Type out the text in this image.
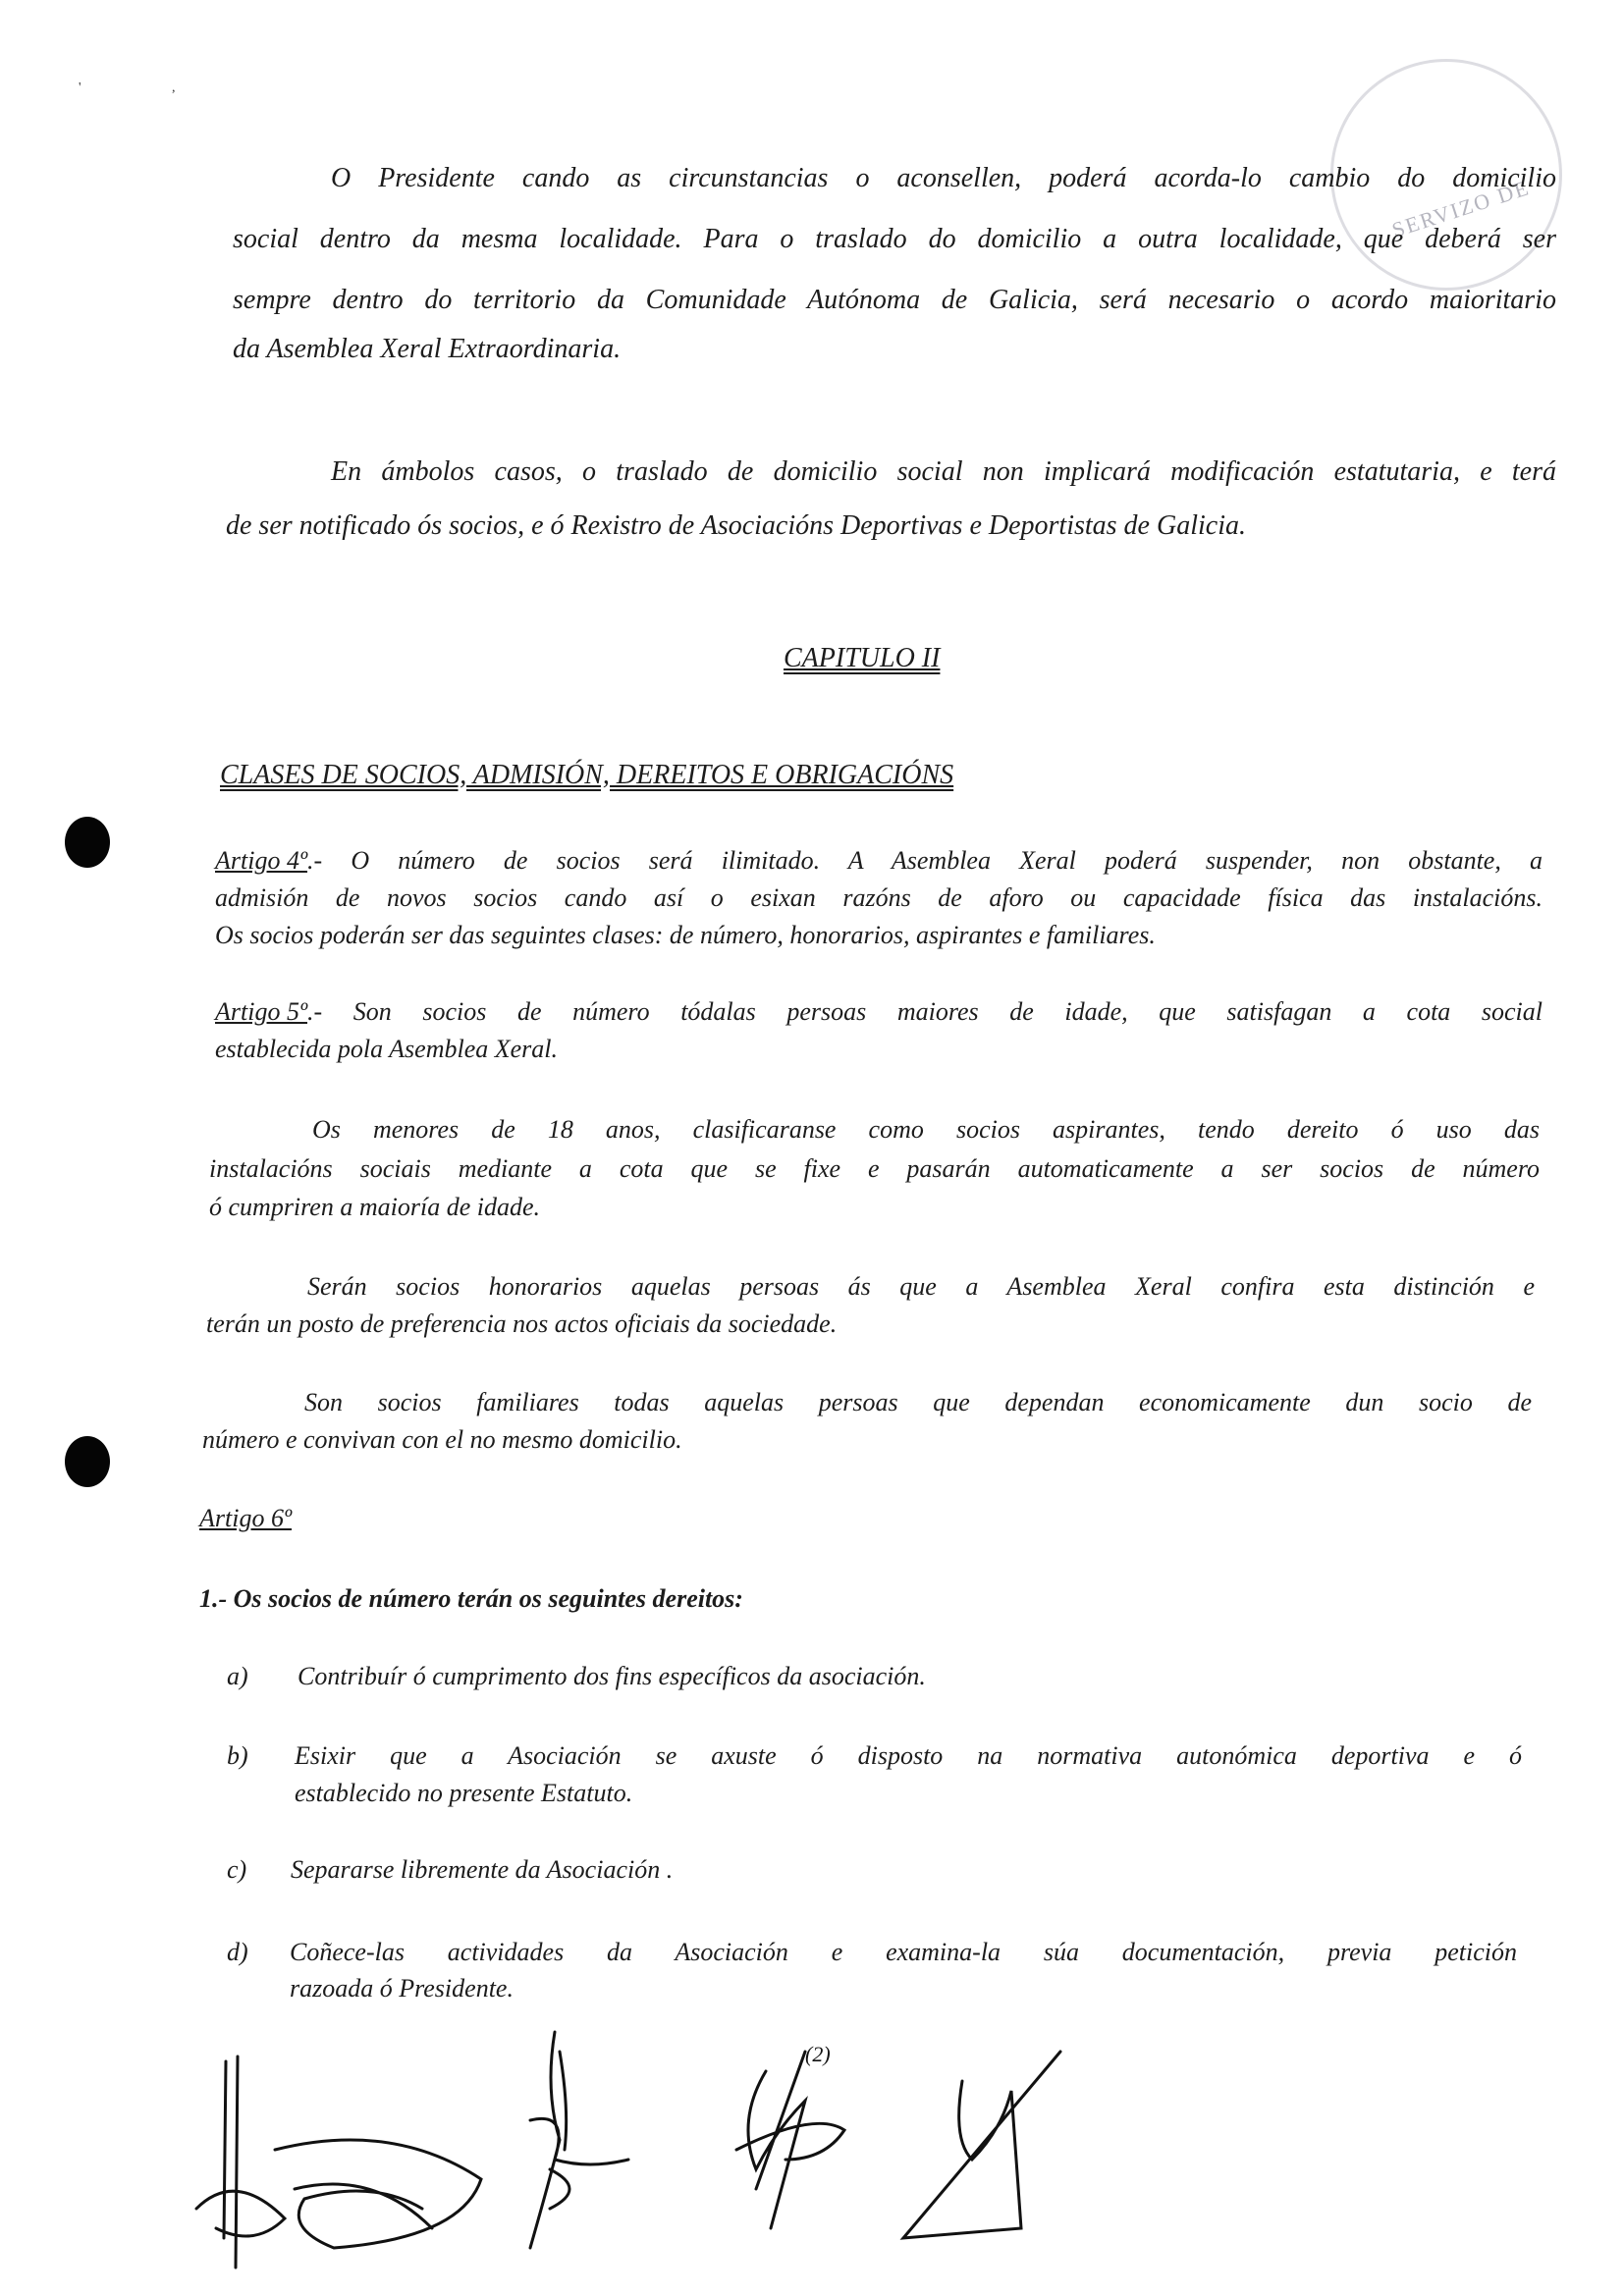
'	,
SERVIZO DE
O Presidente cando as circunstancias o aconsellen, poderá acorda-lo cambio do domicilio
social dentro da mesma localidade. Para o traslado do domicilio a outra localidade, que deberá ser
sempre dentro do territorio da Comunidade Autónoma de Galicia, será necesario o acordo maioritario
da Asemblea Xeral Extraordinaria.
En ámbolos casos, o traslado de domicilio social non implicará modificación estatutaria, e terá
de ser notificado ós socios, e ó Rexistro de Asociacións Deportivas e Deportistas de Galicia.
CAPITULO II
CLASES DE SOCIOS, ADMISIÓN, DEREITOS E OBRIGACIÓNS
Artigo 4º .- O número de socios será ilimitado. A Asemblea Xeral poderá suspender, non obstante, a
admisión de novos socios cando así o esixan razóns de aforo ou capacidade física das instalacións.
Os socios poderán ser das seguintes clases: de número, honorarios, aspirantes e familiares.
Artigo 5º .- Son socios de número tódalas persoas maiores de idade, que satisfagan a cota social
establecida pola Asemblea Xeral.
Os menores de 18 anos, clasificaranse como socios aspirantes, tendo dereito ó uso das
instalacións sociais mediante a cota que se fixe e pasarán automaticamente a ser socios de número
ó cumpriren a maioría de idade.
Serán socios honorarios aquelas persoas ás que a Asemblea Xeral confira esta distinción e
terán un posto de preferencia nos actos oficiais da sociedade.
Son socios familiares todas aquelas persoas que dependan economicamente dun socio de
número e convivan con el no mesmo domicilio.
Artigo 6º
1.- Os socios de número terán os seguintes dereitos:
a) Contribuír ó cumprimento dos fins específicos da asociación.
b) Esixir que a Asociación se axuste ó disposto na normativa autonómica deportiva e ó
establecido no presente Estatuto.
c) Separarse libremente da Asociación .
d) Coñece-las actividades da Asociación e examina-la súa documentación, previa petición
razoada ó Presidente.
(2)
